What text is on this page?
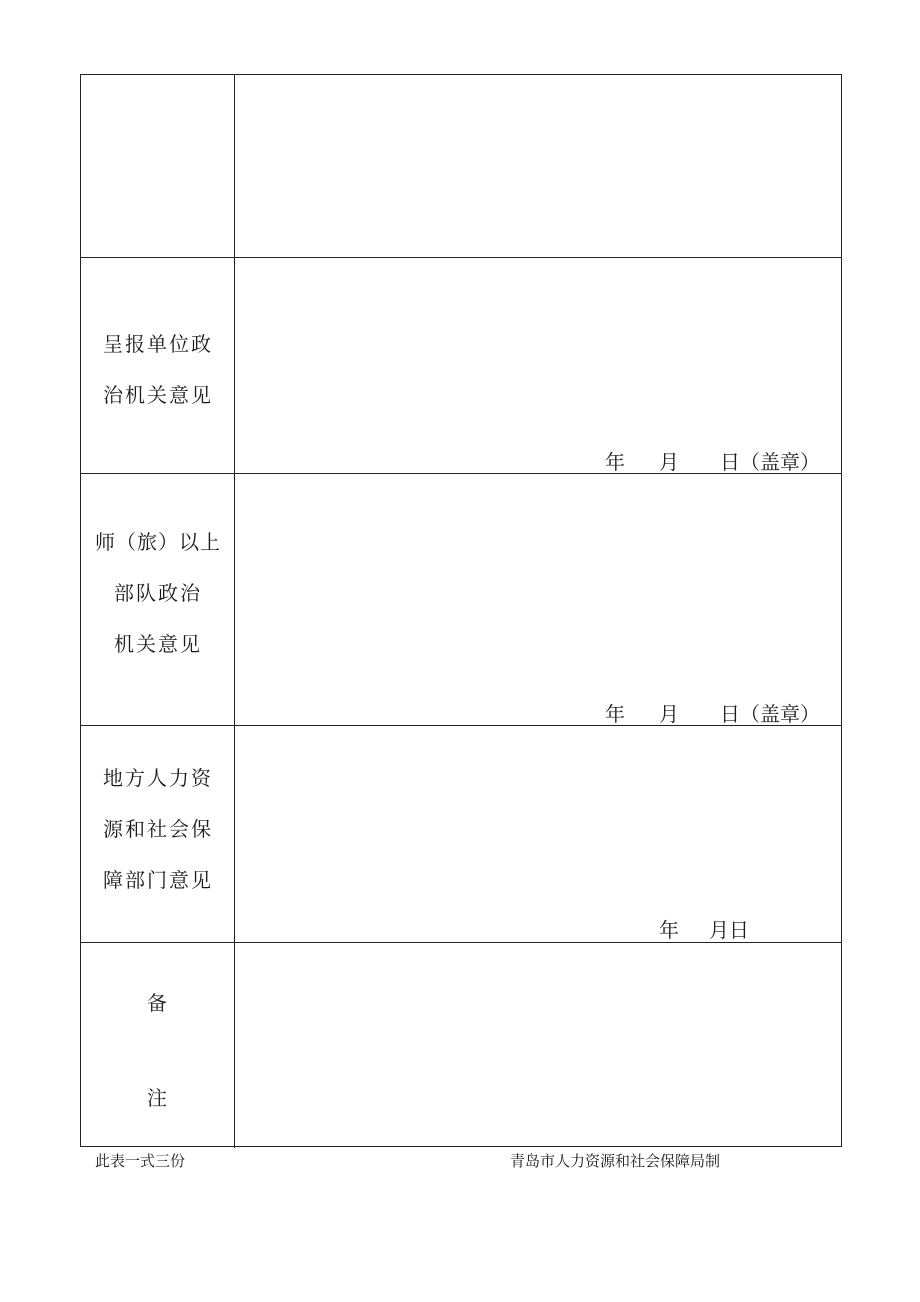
呈报单位政
治机关意见
年 月 日（盖章）
师（旅）以上
部队政治
机关意见
年 月 日（盖章）
地方人力资
源和社会保
障部门意见
年 月日
备
注
此表一式三份	青岛市人力资源和社会保障局制
